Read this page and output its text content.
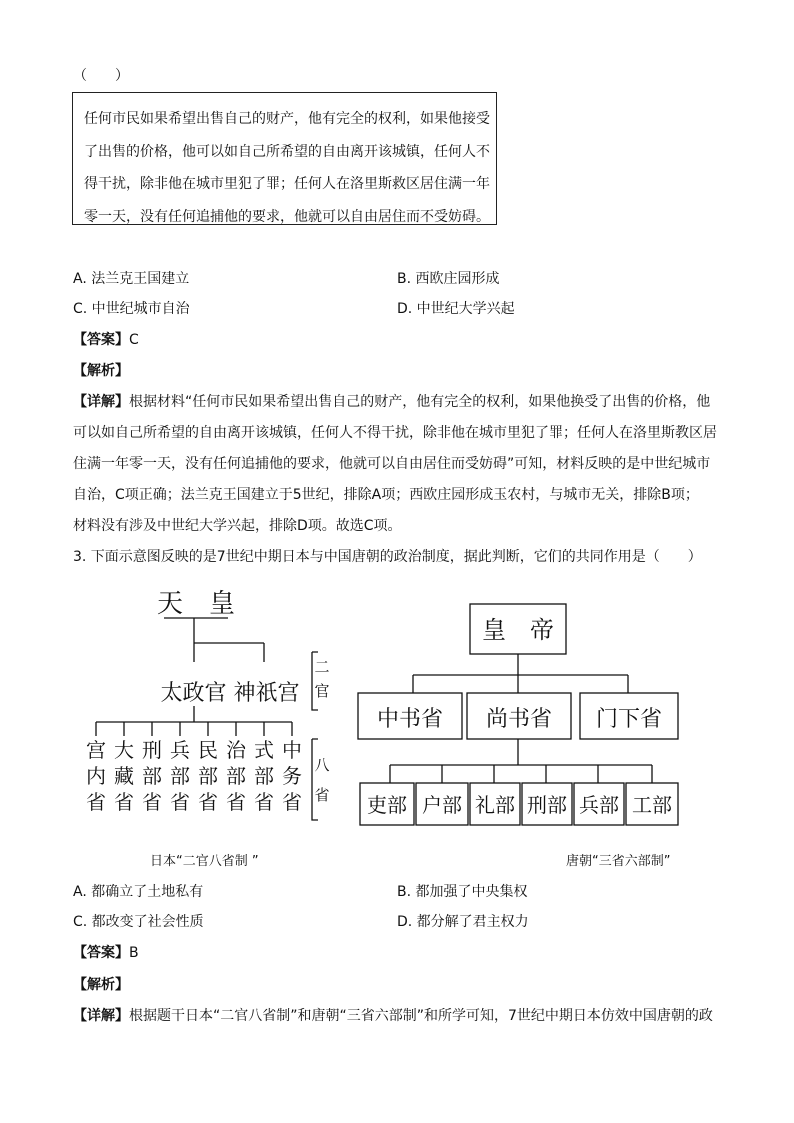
（　　）
任何市民如果希望出售自己的财产，他有完全的权利，如果他接受
了出售的价格，他可以如自己所希望的自由离开该城镇，任何人不
得干扰，除非他在城市里犯了罪；任何人在洛里斯救区居住满一年
零一天，没有任何追捕他的要求，他就可以自由居住而不受妨碍。
A. 法兰克王国建立	B. 西欧庄园形成
C. 中世纪城市自治	D. 中世纪大学兴起
【答案】C
【解析】
【详解】根据材料“任何市民如果希望出售自己的财产，他有完全的权利，如果他换受了出售的价格，他
可以如自己所希望的自由离开该城镇，任何人不得干扰，除非他在城市里犯了罪；任何人在洛里斯教区居
住满一年零一天，没有任何追捕他的要求，他就可以自由居住而受妨碍”可知，材料反映的是中世纪城市
自治，C项正确；法兰克王国建立于5世纪，排除A项；西欧庄园形成玉农村，与城市无关，排除B项；
材料没有涉及中世纪大学兴起，排除D项。故选C项。
3. 下面示意图反映的是7世纪中期日本与中国唐朝的政治制度，据此判断，它们的共同作用是（　　）
天　皇
太政官 神祇宫
二
官
八
省
宫内省
大藏省
刑部省
兵部省
民部省
治部省
式部省
中务省
皇　帝
中书省 尚书省 门下省
吏部 户部 礼部 刑部 兵部 工部
日本“二官八省制 ”	唐朝“三省六部制”
A. 都确立了土地私有	B. 都加强了中央集权
C. 都改变了社会性质	D. 都分解了君主权力
【答案】B
【解析】
【详解】根据题干日本“二官八省制”和唐朝“三省六部制”和所学可知，7世纪中期日本仿效中国唐朝的政
